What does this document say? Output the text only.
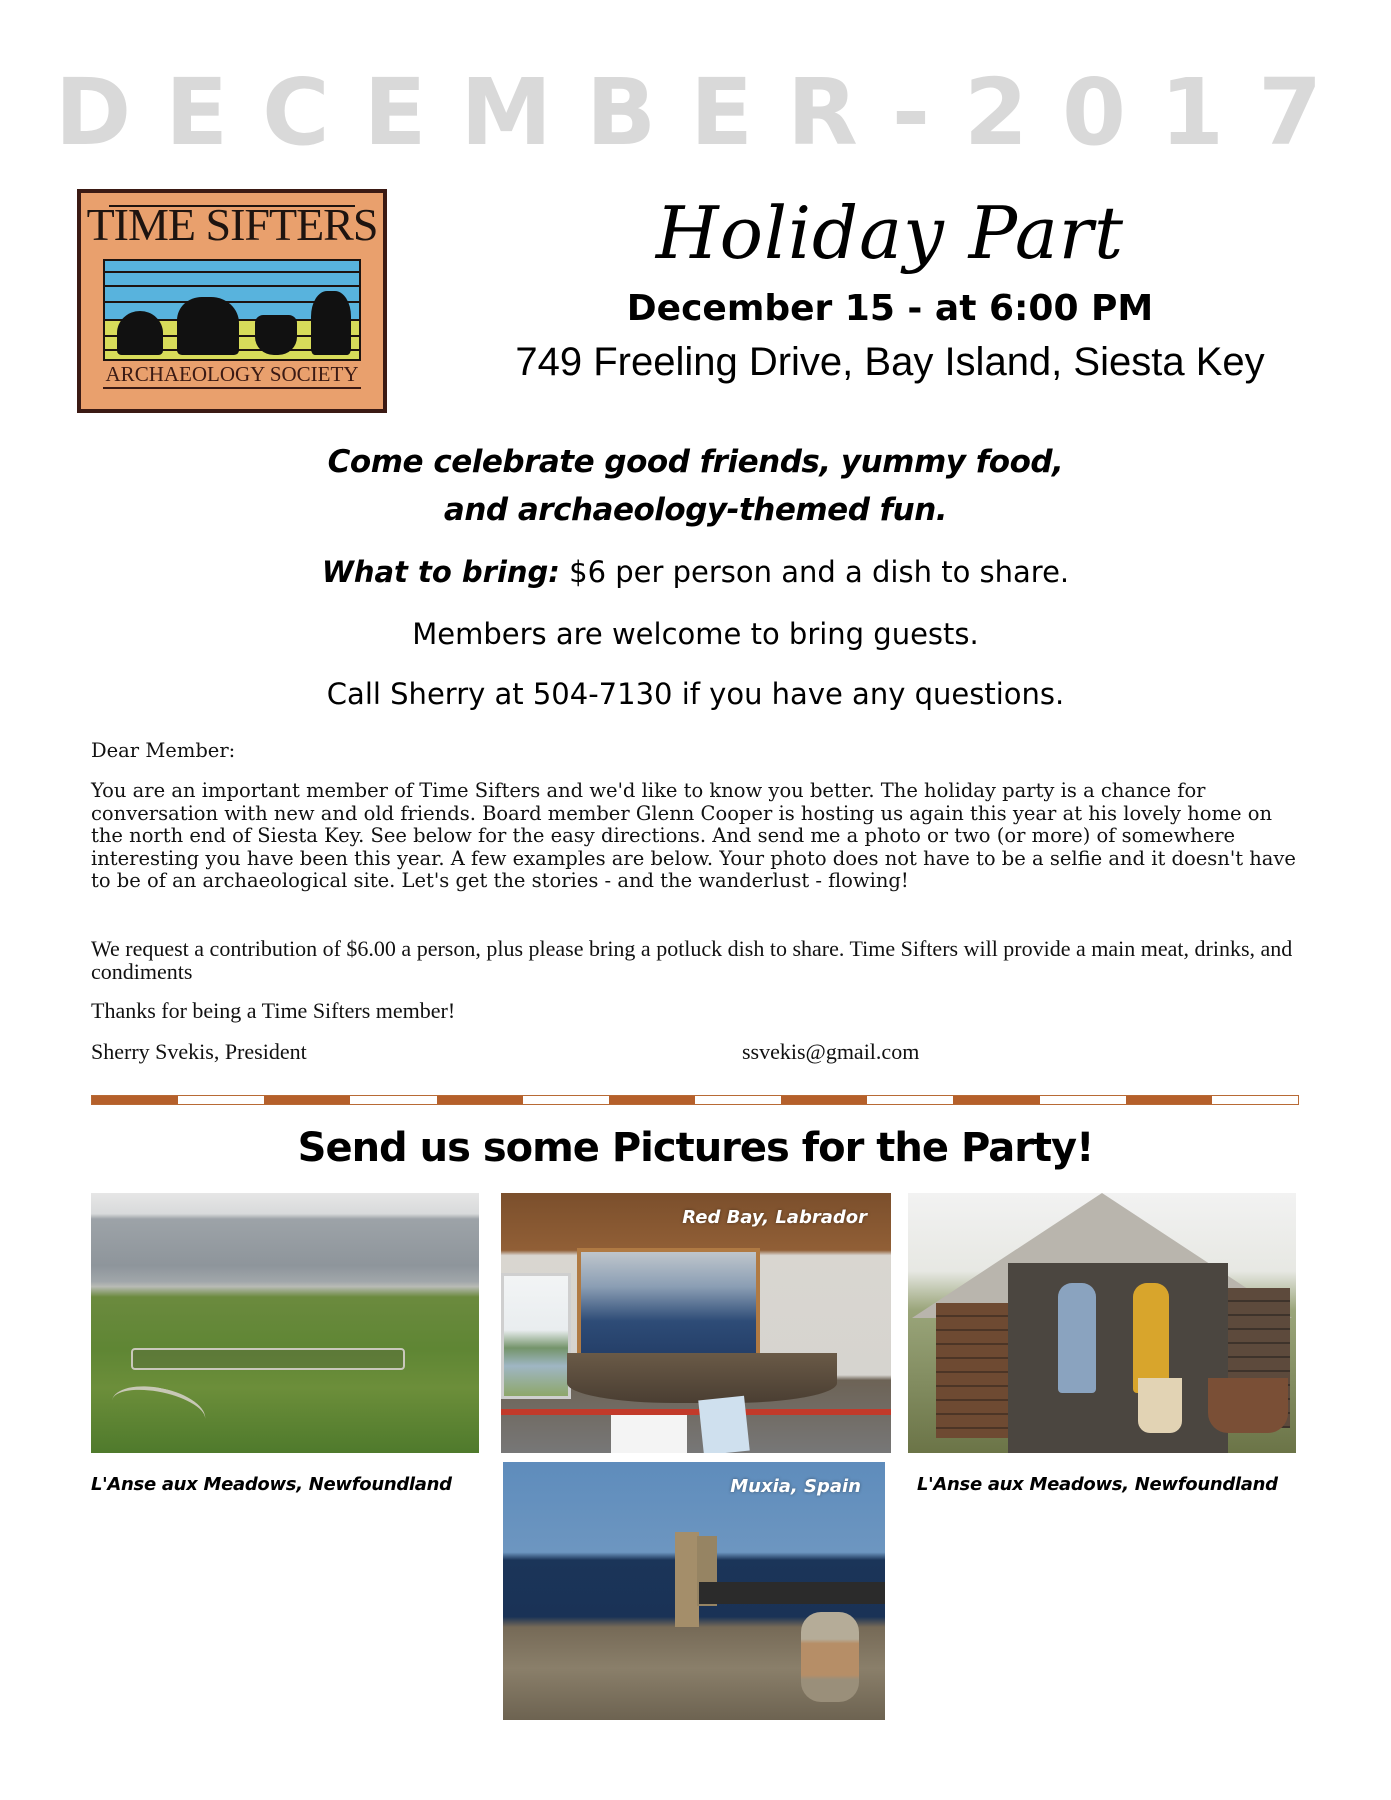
DECEMBER-2017
TIME SIFTERS
ARCHAEOLOGY SOCIETY
Holiday Part
December 15 - at 6:00 PM
749 Freeling Drive, Bay Island, Siesta Key
Come celebrate good friends, yummy food,
and archaeology-themed fun.
What to bring: $6 per person and a dish to share.
Members are welcome to bring guests.
Call Sherry at 504-7130 if you have any questions.
Dear Member:
You are an important member of Time Sifters and we'd like to know you better. The holiday party is a chance for conversation with new and old friends. Board member Glenn Cooper is hosting us again this year at his lovely home on the north end of Siesta Key. See below for the easy directions. And send me a photo or two (or more) of somewhere interesting you have been this year. A few examples are below. Your photo does not have to be a selfie and it doesn't have to be of an archaeological site. Let's get the stories - and the wanderlust - flowing!
We request a contribution of $6.00 a person, plus please bring a potluck dish to share. Time Sifters will provide a main meat, drinks, and condiments
Thanks for being a Time Sifters member!
Sherry Svekis, President	ssvekis@gmail.com
Send us some Pictures for the Party!
L'Anse aux Meadows, Newfoundland
Red Bay, Labrador
L'Anse aux Meadows, Newfoundland
Muxia, Spain
